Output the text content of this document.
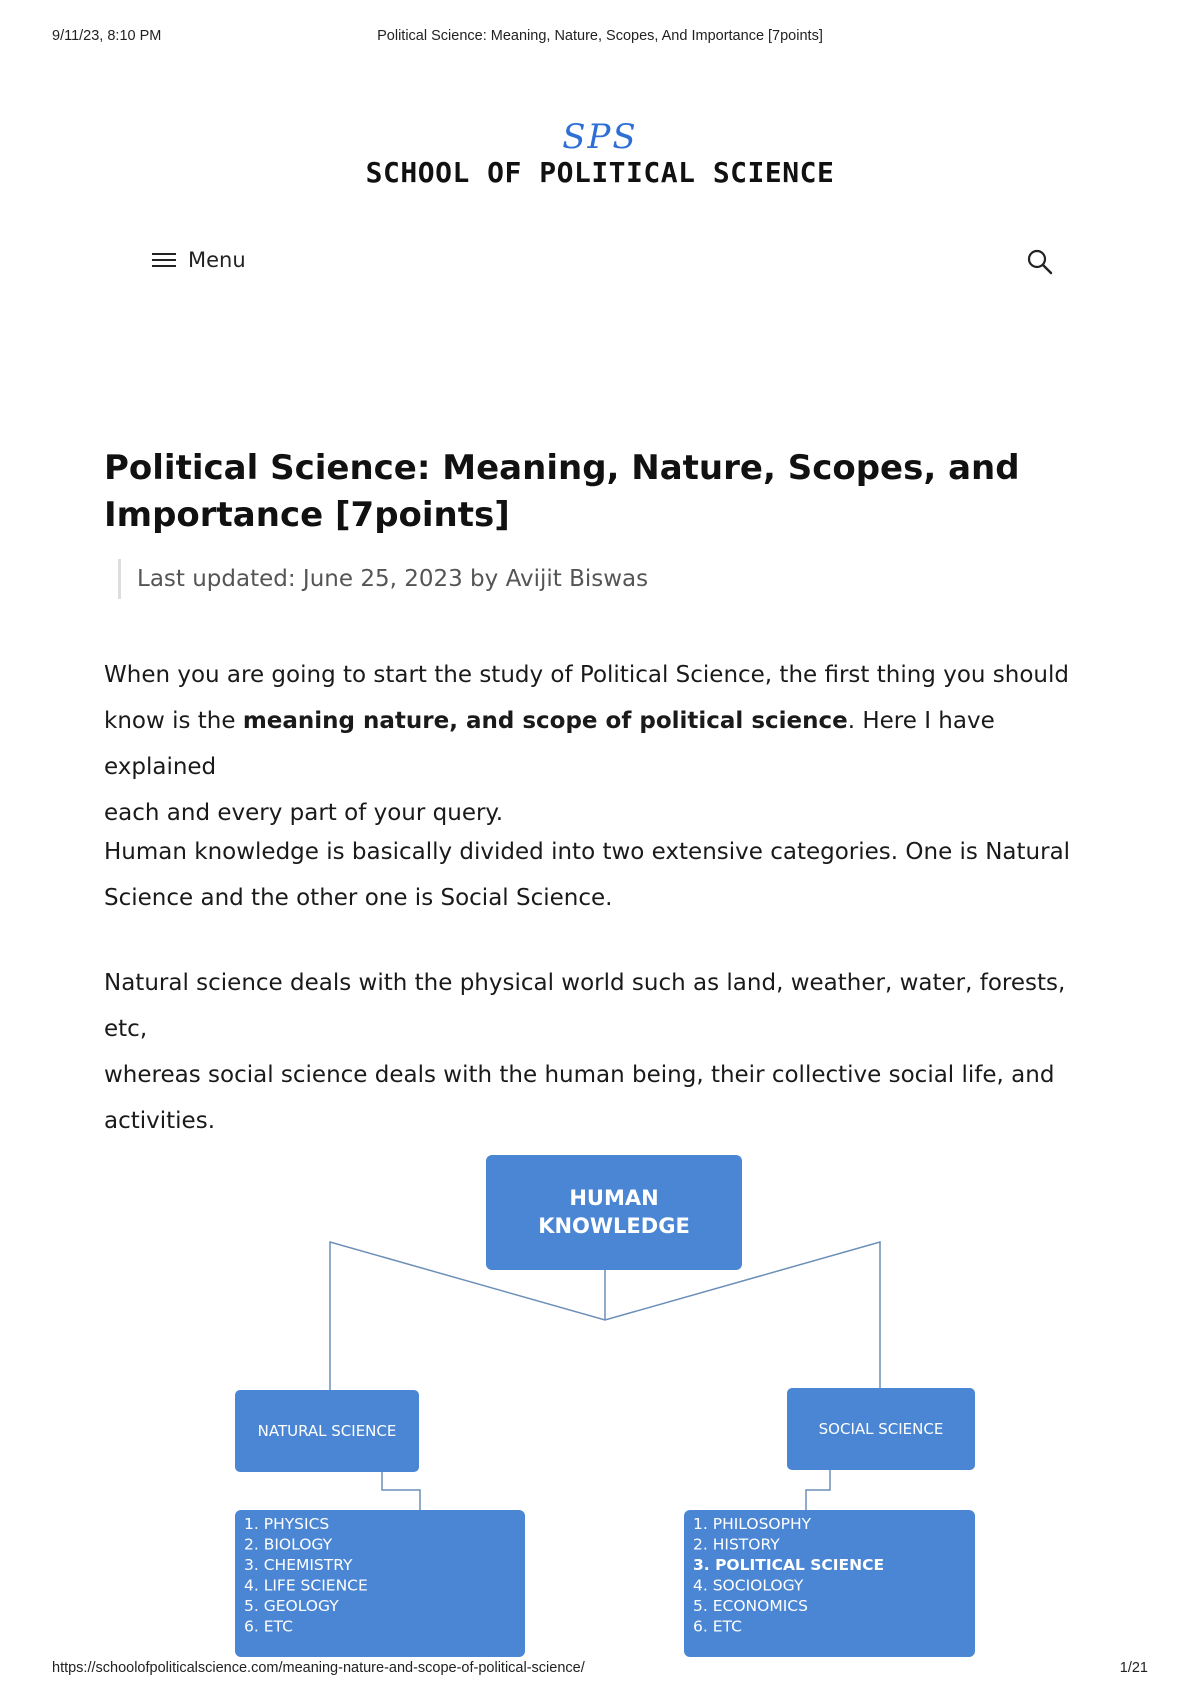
9/11/23, 8:10 PM	Political Science: Meaning, Nature, Scopes, And Importance [7points]
SPS
SCHOOL OF POLITICAL SCIENCE
Menu
Political Science: Meaning, Nature, Scopes, and
Importance [7points]
Last updated: June 25, 2023 by Avijit Biswas

When you are going to start the study of Political Science, the first thing you should
know is the meaning nature, and scope of political science. Here I have explained
each and every part of your query.

Human knowledge is basically divided into two extensive categories. One is Natural
Science and the other one is Social Science.

Natural science deals with the physical world such as land, weather, water, forests, etc,
whereas social science deals with the human being, their collective social life, and
activities.

HUMAN
KNOWLEDGE
NATURAL SCIENCE	SOCIAL SCIENCE
1. PHYSICS
2. BIOLOGY
3. CHEMISTRY
4. LIFE SCIENCE
5. GEOLOGY
6. ETC
1. PHILOSOPHY
2. HISTORY
3. POLITICAL SCIENCE
4. SOCIOLOGY
5. ECONOMICS
6. ETC
https://schoolofpoliticalscience.com/meaning-nature-and-scope-of-political-science/	1/21
